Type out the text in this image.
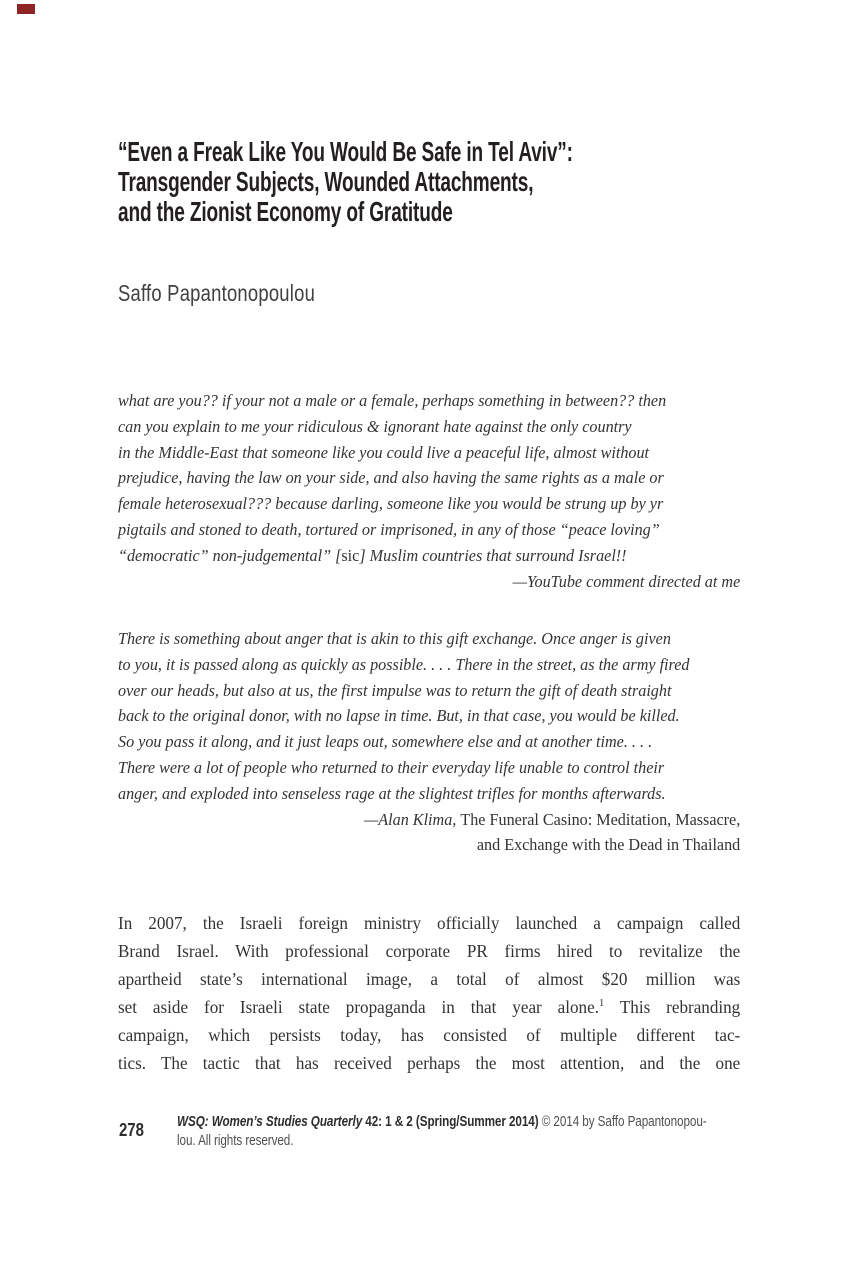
“Even a Freak Like You Would Be Safe in Tel Aviv”:
Transgender Subjects, Wounded Attachments,
and the Zionist Economy of Gratitude
Saffo Papantonopoulou
what are you?? if your not a male or a female, perhaps something in between?? then
can you explain to me your ridiculous & ignorant hate against the only country
in the Middle-East that someone like you could live a peaceful life, almost without
prejudice, having the law on your side, and also having the same rights as a male or
female heterosexual??? because darling, someone like you would be strung up by yr
pigtails and stoned to death, tortured or imprisoned, in any of those “peace loving”
“democratic” non-judgemental” [sic] Muslim countries that surround Israel!!
—YouTube comment directed at me
There is something about anger that is akin to this gift exchange. Once anger is given
to you, it is passed along as quickly as possible. . . . There in the street, as the army fired
over our heads, but also at us, the first impulse was to return the gift of death straight
back to the original donor, with no lapse in time. But, in that case, you would be killed.
So you pass it along, and it just leaps out, somewhere else and at another time. . . .
There were a lot of people who returned to their everyday life unable to control their
anger, and exploded into senseless rage at the slightest trifles for months afterwards.
—Alan Klima, The Funeral Casino: Meditation, Massacre,
and Exchange with the Dead in Thailand
In 2007, the Israeli foreign ministry officially launched a campaign called
Brand Israel. With professional corporate PR firms hired to revitalize the
apartheid state’s international image, a total of almost $20 million was
set aside for Israeli state propaganda in that year alone.$^1$ This rebranding
campaign, which persists today, has consisted of multiple different tac-
tics. The tactic that has received perhaps the most attention, and the one
278 WSQ: Women’s Studies Quarterly 42: 1 & 2 (Spring/Summer 2014) © 2014 by Saffo Papantonopou-
lou. All rights reserved.
